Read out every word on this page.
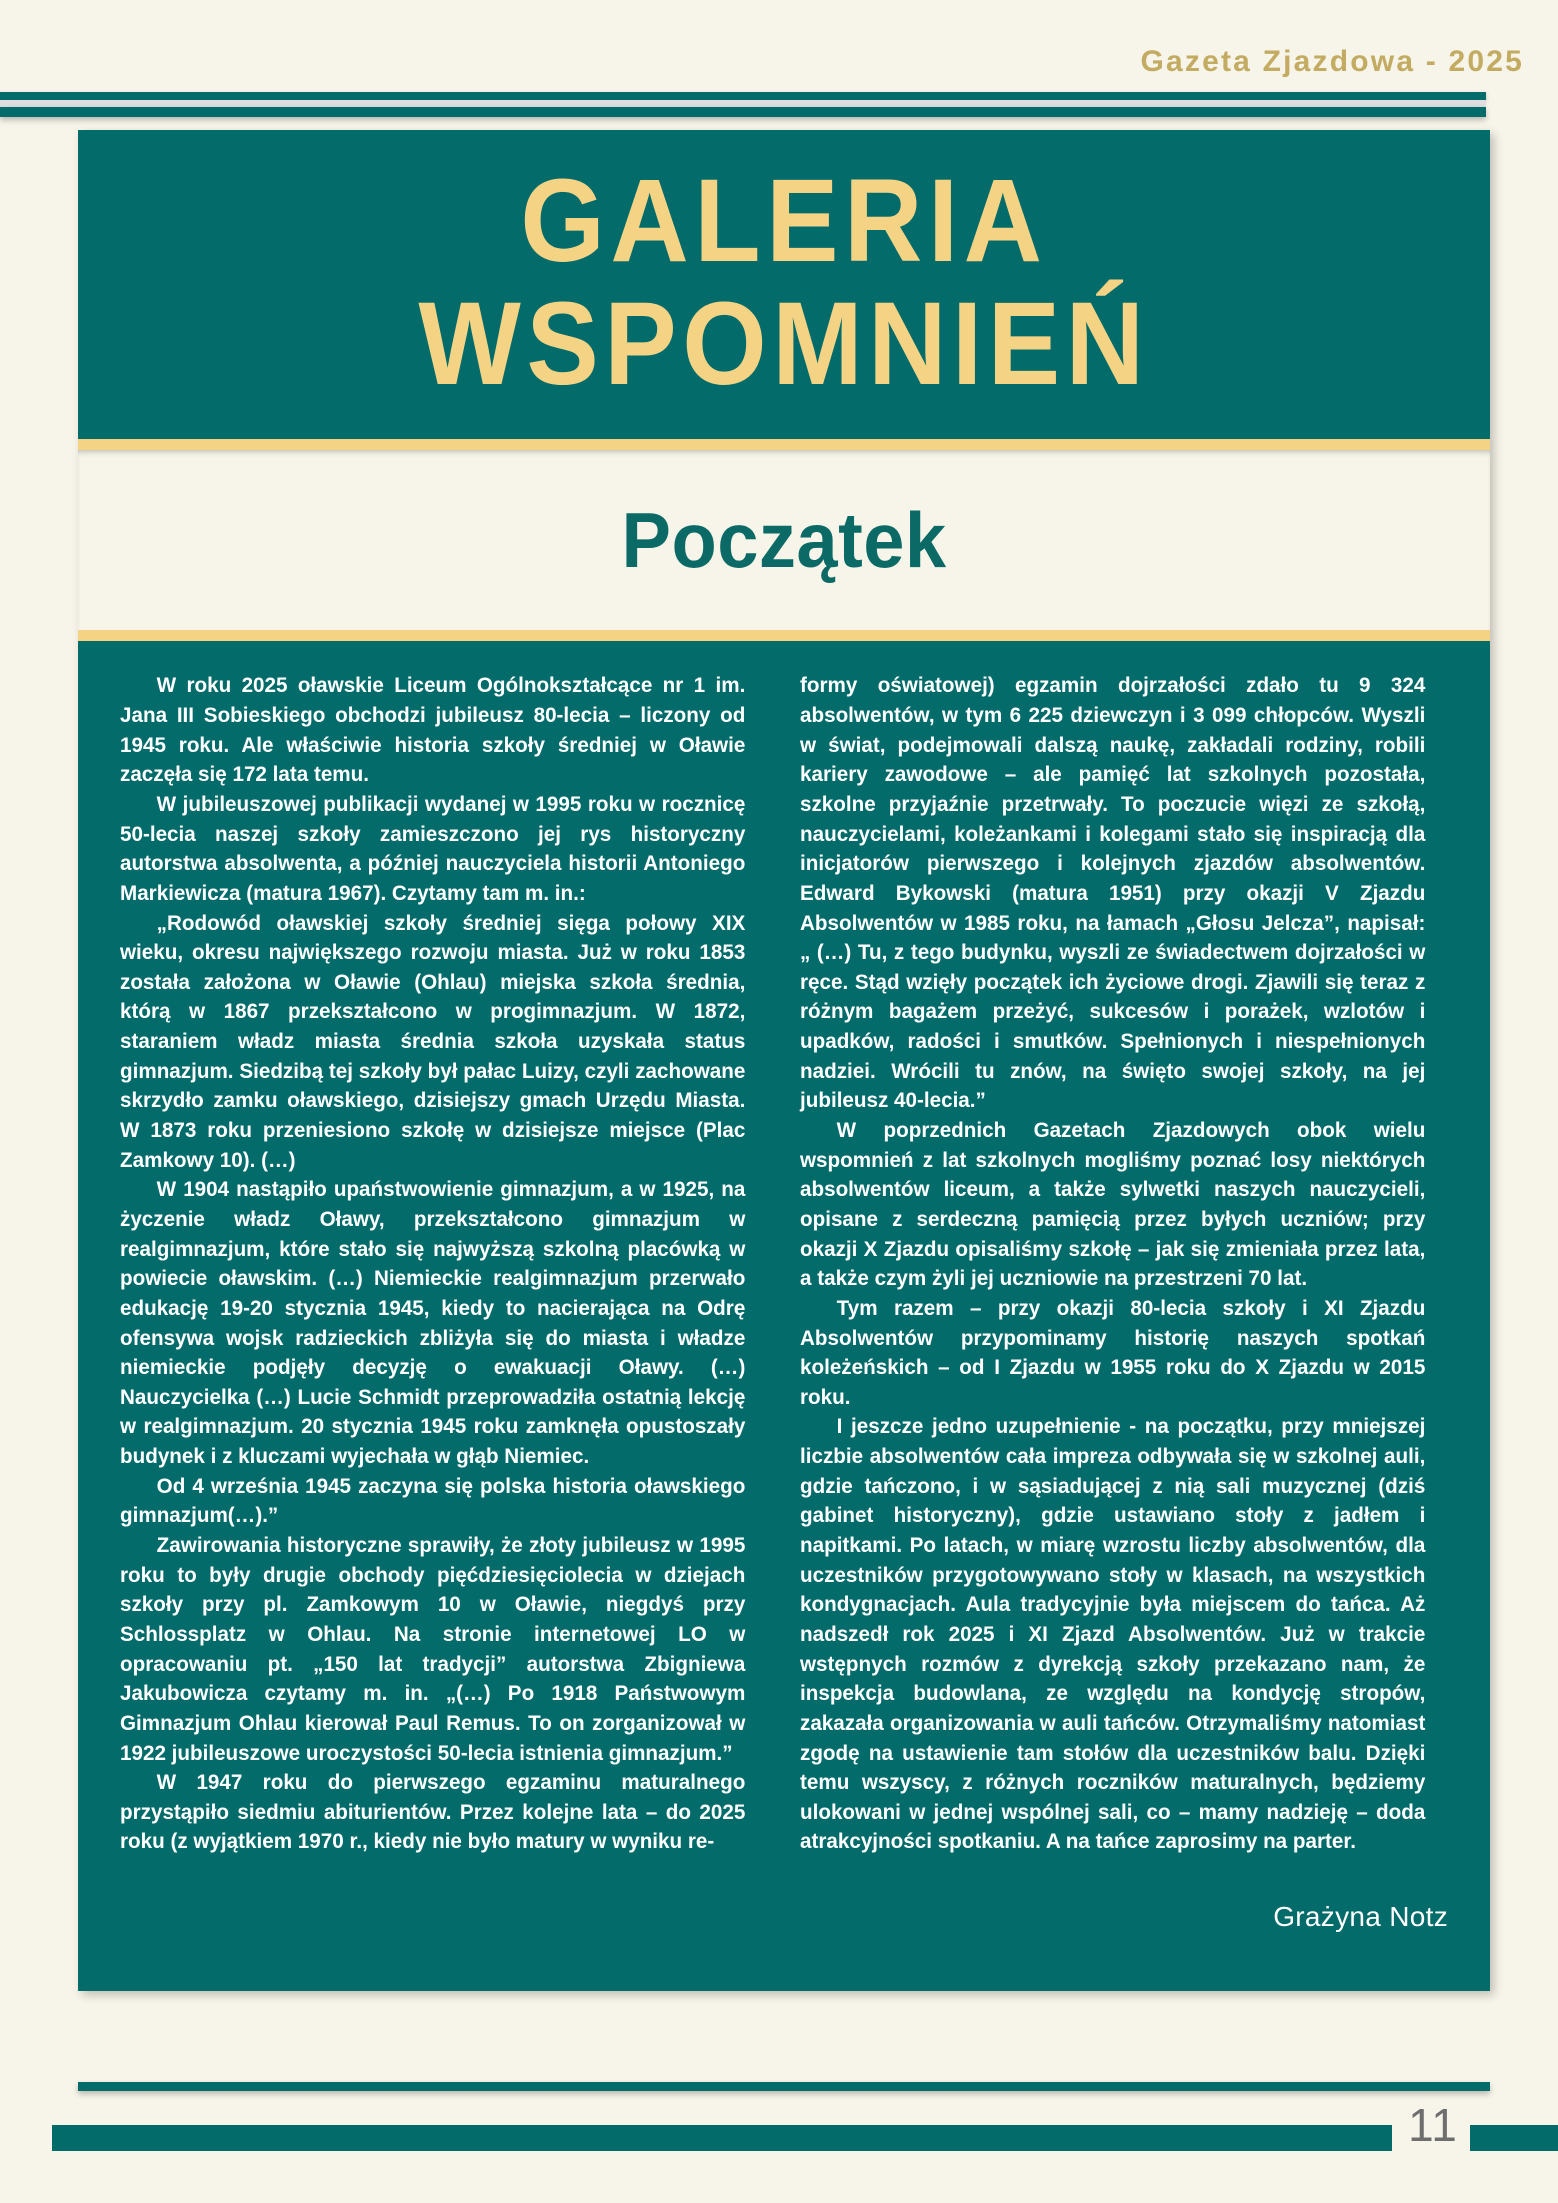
Gazeta Zjazdowa - 2025
GALERIA
WSPOMNIEŃ
Początek

W roku 2025 oławskie Liceum Ogólnokształcące nr 1 im. Jana III Sobieskiego obchodzi jubileusz 80-lecia – liczony od 1945 roku. Ale właściwie historia szkoły średniej w Oławie zaczęła się 172 lata temu.

W jubileuszowej publikacji wydanej w 1995 roku w rocznicę 50-lecia naszej szkoły zamieszczono jej rys historyczny autorstwa absolwenta, a później nauczyciela historii Antoniego Markiewicza (matura 1967). Czytamy tam m. in.:

„Rodowód oławskiej szkoły średniej sięga połowy XIX wieku, okresu największego rozwoju miasta. Już w roku 1853 została założona w Oławie (Ohlau) miejska szkoła średnia, którą w 1867 przekształcono w progimnazjum. W 1872, staraniem władz miasta średnia szkoła uzyskała status gimnazjum. Siedzibą tej szkoły był pałac Luizy, czyli zachowane skrzydło zamku oławskiego, dzisiejszy gmach Urzędu Miasta. W 1873 roku przeniesiono szkołę w dzisiejsze miejsce (Plac Zamkowy 10). (…)

W 1904 nastąpiło upaństwowienie gimnazjum, a w 1925, na życzenie władz Oławy, przekształcono gimnazjum w realgimnazjum, które stało się najwyższą szkolną placówką w powiecie oławskim. (…) Niemieckie realgimnazjum przerwało edukację 19-20 stycznia 1945, kiedy to nacierająca na Odrę ofensywa wojsk radzieckich zbliżyła się do miasta i władze niemieckie podjęły decyzję o ewakuacji Oławy. (…) Nauczycielka (…) Lucie Schmidt przeprowadziła ostatnią lekcję w realgimnazjum. 20 stycznia 1945 roku zamknęła opustoszały budynek i z kluczami wyjechała w głąb Niemiec.

Od 4 września 1945 zaczyna się polska historia oławskiego gimnazjum(…).”

Zawirowania historyczne sprawiły, że złoty jubileusz w 1995 roku to były drugie obchody pięćdziesięciolecia w dziejach szkoły przy pl. Zamkowym 10 w Oławie, niegdyś przy Schlossplatz w Ohlau. Na stronie internetowej LO w opracowaniu pt. „150 lat tradycji” autorstwa Zbigniewa Jakubowicza czytamy m. in. „(…) Po 1918 Państwowym Gimnazjum Ohlau kierował Paul Remus. To on zorganizował w 1922 jubileuszowe uroczystości 50-lecia istnienia gimnazjum.”

W 1947 roku do pierwszego egzaminu maturalnego przystąpiło siedmiu abiturientów. Przez kolejne lata – do 2025 roku (z wyjątkiem 1970 r., kiedy nie było matury w wyniku re-

formy oświatowej) egzamin dojrzałości zdało tu 9 324 absolwentów, w tym 6 225 dziewczyn i 3 099 chłopców. Wyszli w świat, podejmowali dalszą naukę, zakładali rodziny, robili kariery zawodowe – ale pamięć lat szkolnych pozostała, szkolne przyjaźnie przetrwały. To poczucie więzi ze szkołą, nauczycielami, koleżankami i kolegami stało się inspiracją dla inicjatorów pierwszego i kolejnych zjazdów absolwentów. Edward Bykowski (matura 1951) przy okazji V Zjazdu Absolwentów w 1985 roku, na łamach „Głosu Jelcza”, napisał: „ (…) Tu, z tego budynku, wyszli ze świadectwem dojrzałości w ręce. Stąd wzięły początek ich życiowe drogi. Zjawili się teraz z różnym bagażem przeżyć, sukcesów i porażek, wzlotów i upadków, radości i smutków. Spełnionych i niespełnionych nadziei. Wrócili tu znów, na święto swojej szkoły, na jej jubileusz 40-lecia.”

W poprzednich Gazetach Zjazdowych obok wielu wspomnień z lat szkolnych mogliśmy poznać losy niektórych absolwentów liceum, a także sylwetki naszych nauczycieli, opisane z serdeczną pamięcią przez byłych uczniów; przy okazji X Zjazdu opisaliśmy szkołę – jak się zmieniała przez lata, a także czym żyli jej uczniowie na przestrzeni 70 lat.

Tym razem – przy okazji 80-lecia szkoły i XI Zjazdu Absolwentów przypominamy historię naszych spotkań koleżeńskich – od I Zjazdu w 1955 roku do X Zjazdu w 2015 roku.

I jeszcze jedno uzupełnienie - na początku, przy mniejszej liczbie absolwentów cała impreza odbywała się w szkolnej auli, gdzie tańczono, i w sąsiadującej z nią sali muzycznej (dziś gabinet historyczny), gdzie ustawiano stoły z jadłem i napitkami. Po latach, w miarę wzrostu liczby absolwentów, dla uczestników przygotowywano stoły w klasach, na wszystkich kondygnacjach. Aula tradycyjnie była miejscem do tańca. Aż nadszedł rok 2025 i XI Zjazd Absolwentów. Już w trakcie wstępnych rozmów z dyrekcją szkoły przekazano nam, że inspekcja budowlana, ze względu na kondycję stropów, zakazała organizowania w auli tańców. Otrzymaliśmy natomiast zgodę na ustawienie tam stołów dla uczestników balu. Dzięki temu wszyscy, z różnych roczników maturalnych, będziemy ulokowani w jednej wspólnej sali, co – mamy nadzieję – doda atrakcyjności spotkaniu. A na tańce zaprosimy na parter.

Grażyna Notz
11
